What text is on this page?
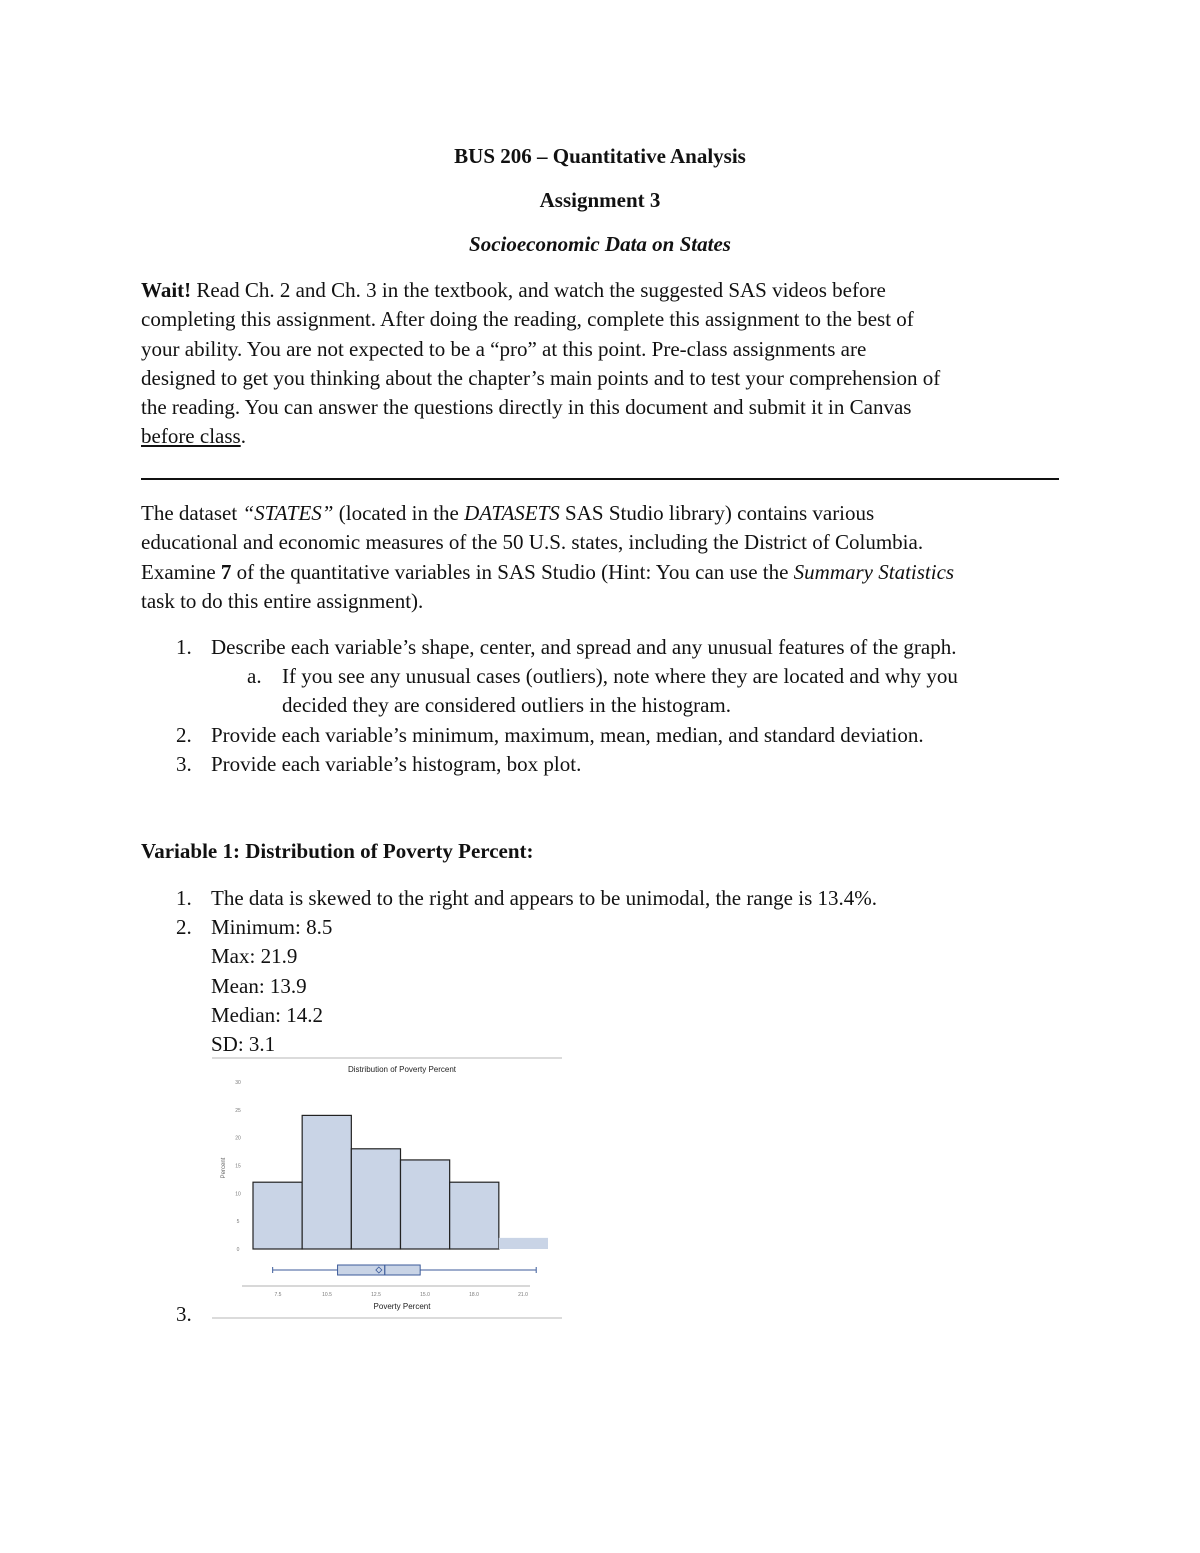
BUS 206 – Quantitative Analysis
Assignment 3
Socioeconomic Data on States
Wait! Read Ch. 2 and Ch. 3 in the textbook, and watch the suggested SAS videos before
completing this assignment. After doing the reading, complete this assignment to the best of
your ability. You are not expected to be a “pro” at this point. Pre-class assignments are
designed to get you thinking about the chapter’s main points and to test your comprehension of
the reading. You can answer the questions directly in this document and submit it in Canvas
before class.
The dataset “STATES” (located in the DATASETS SAS Studio library) contains various
educational and economic measures of the 50 U.S. states, including the District of Columbia.
Examine 7 of the quantitative variables in SAS Studio (Hint: You can use the Summary Statistics
task to do this entire assignment).
1. Describe each variable’s shape, center, and spread and any unusual features of the graph.
a. If you see any unusual cases (outliers), note where they are located and why you
decided they are considered outliers in the histogram.
2. Provide each variable’s minimum, maximum, mean, median, and standard deviation.
3. Provide each variable’s histogram, box plot.
Variable 1: Distribution of Poverty Percent:
1. The data is skewed to the right and appears to be unimodal, the range is 13.4%.
2. Minimum: 8.5
Max: 21.9
Mean: 13.9
Median: 14.2
SD: 3.1
3.
Distribution of Poverty Percent
Poverty Percent
Percent
0
5
10
15
20
25
30
7.5	10.5	12.5	15.0	18.0	21.0
